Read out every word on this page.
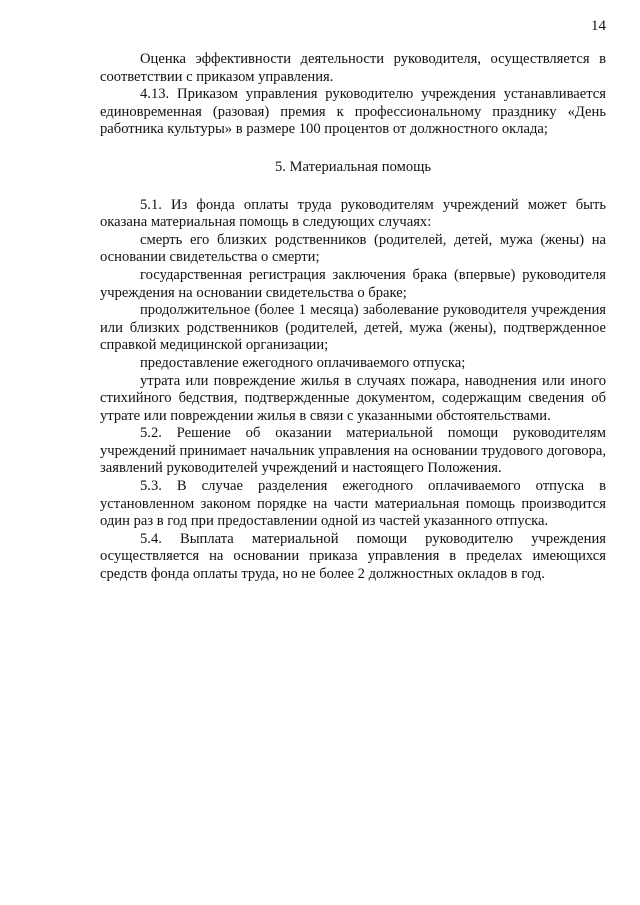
14

Оценка эффективности деятельности руководителя, осуществляется в соответствии с приказом управления.

4.13. Приказом управления руководителю учреждения устанавливается единовременная (разовая) премия к профессиональному празднику «День работника культуры» в размере 100 процентов от должностного оклада;

5. Материальная помощь

5.1. Из фонда оплаты труда руководителям учреждений может быть оказана материальная помощь в следующих случаях:

смерть его близких родственников (родителей, детей, мужа (жены) на основании свидетельства о смерти;

государственная регистрация заключения брака (впервые) руководителя учреждения на основании свидетельства о браке;

продолжительное (более 1 месяца) заболевание руководителя учреждения или близких родственников (родителей, детей, мужа (жены), подтвержденное справкой медицинской организации;

предоставление ежегодного оплачиваемого отпуска;

утрата или повреждение жилья в случаях пожара, наводнения или иного стихийного бедствия, подтвержденные документом, содержащим сведения об утрате или повреждении жилья в связи с указанными обстоятельствами.

5.2. Решение об оказании материальной помощи руководителям учреждений принимает начальник управления на основании трудового договора, заявлений руководителей учреждений и настоящего Положения.

5.3. В случае разделения ежегодного оплачиваемого отпуска в установленном законом порядке на части материальная помощь производится один раз в год при предоставлении одной из частей указанного отпуска.

5.4. Выплата материальной помощи руководителю учреждения осуществляется на основании приказа управления в пределах имеющихся средств фонда оплаты труда, но не более 2 должностных окладов в год.
